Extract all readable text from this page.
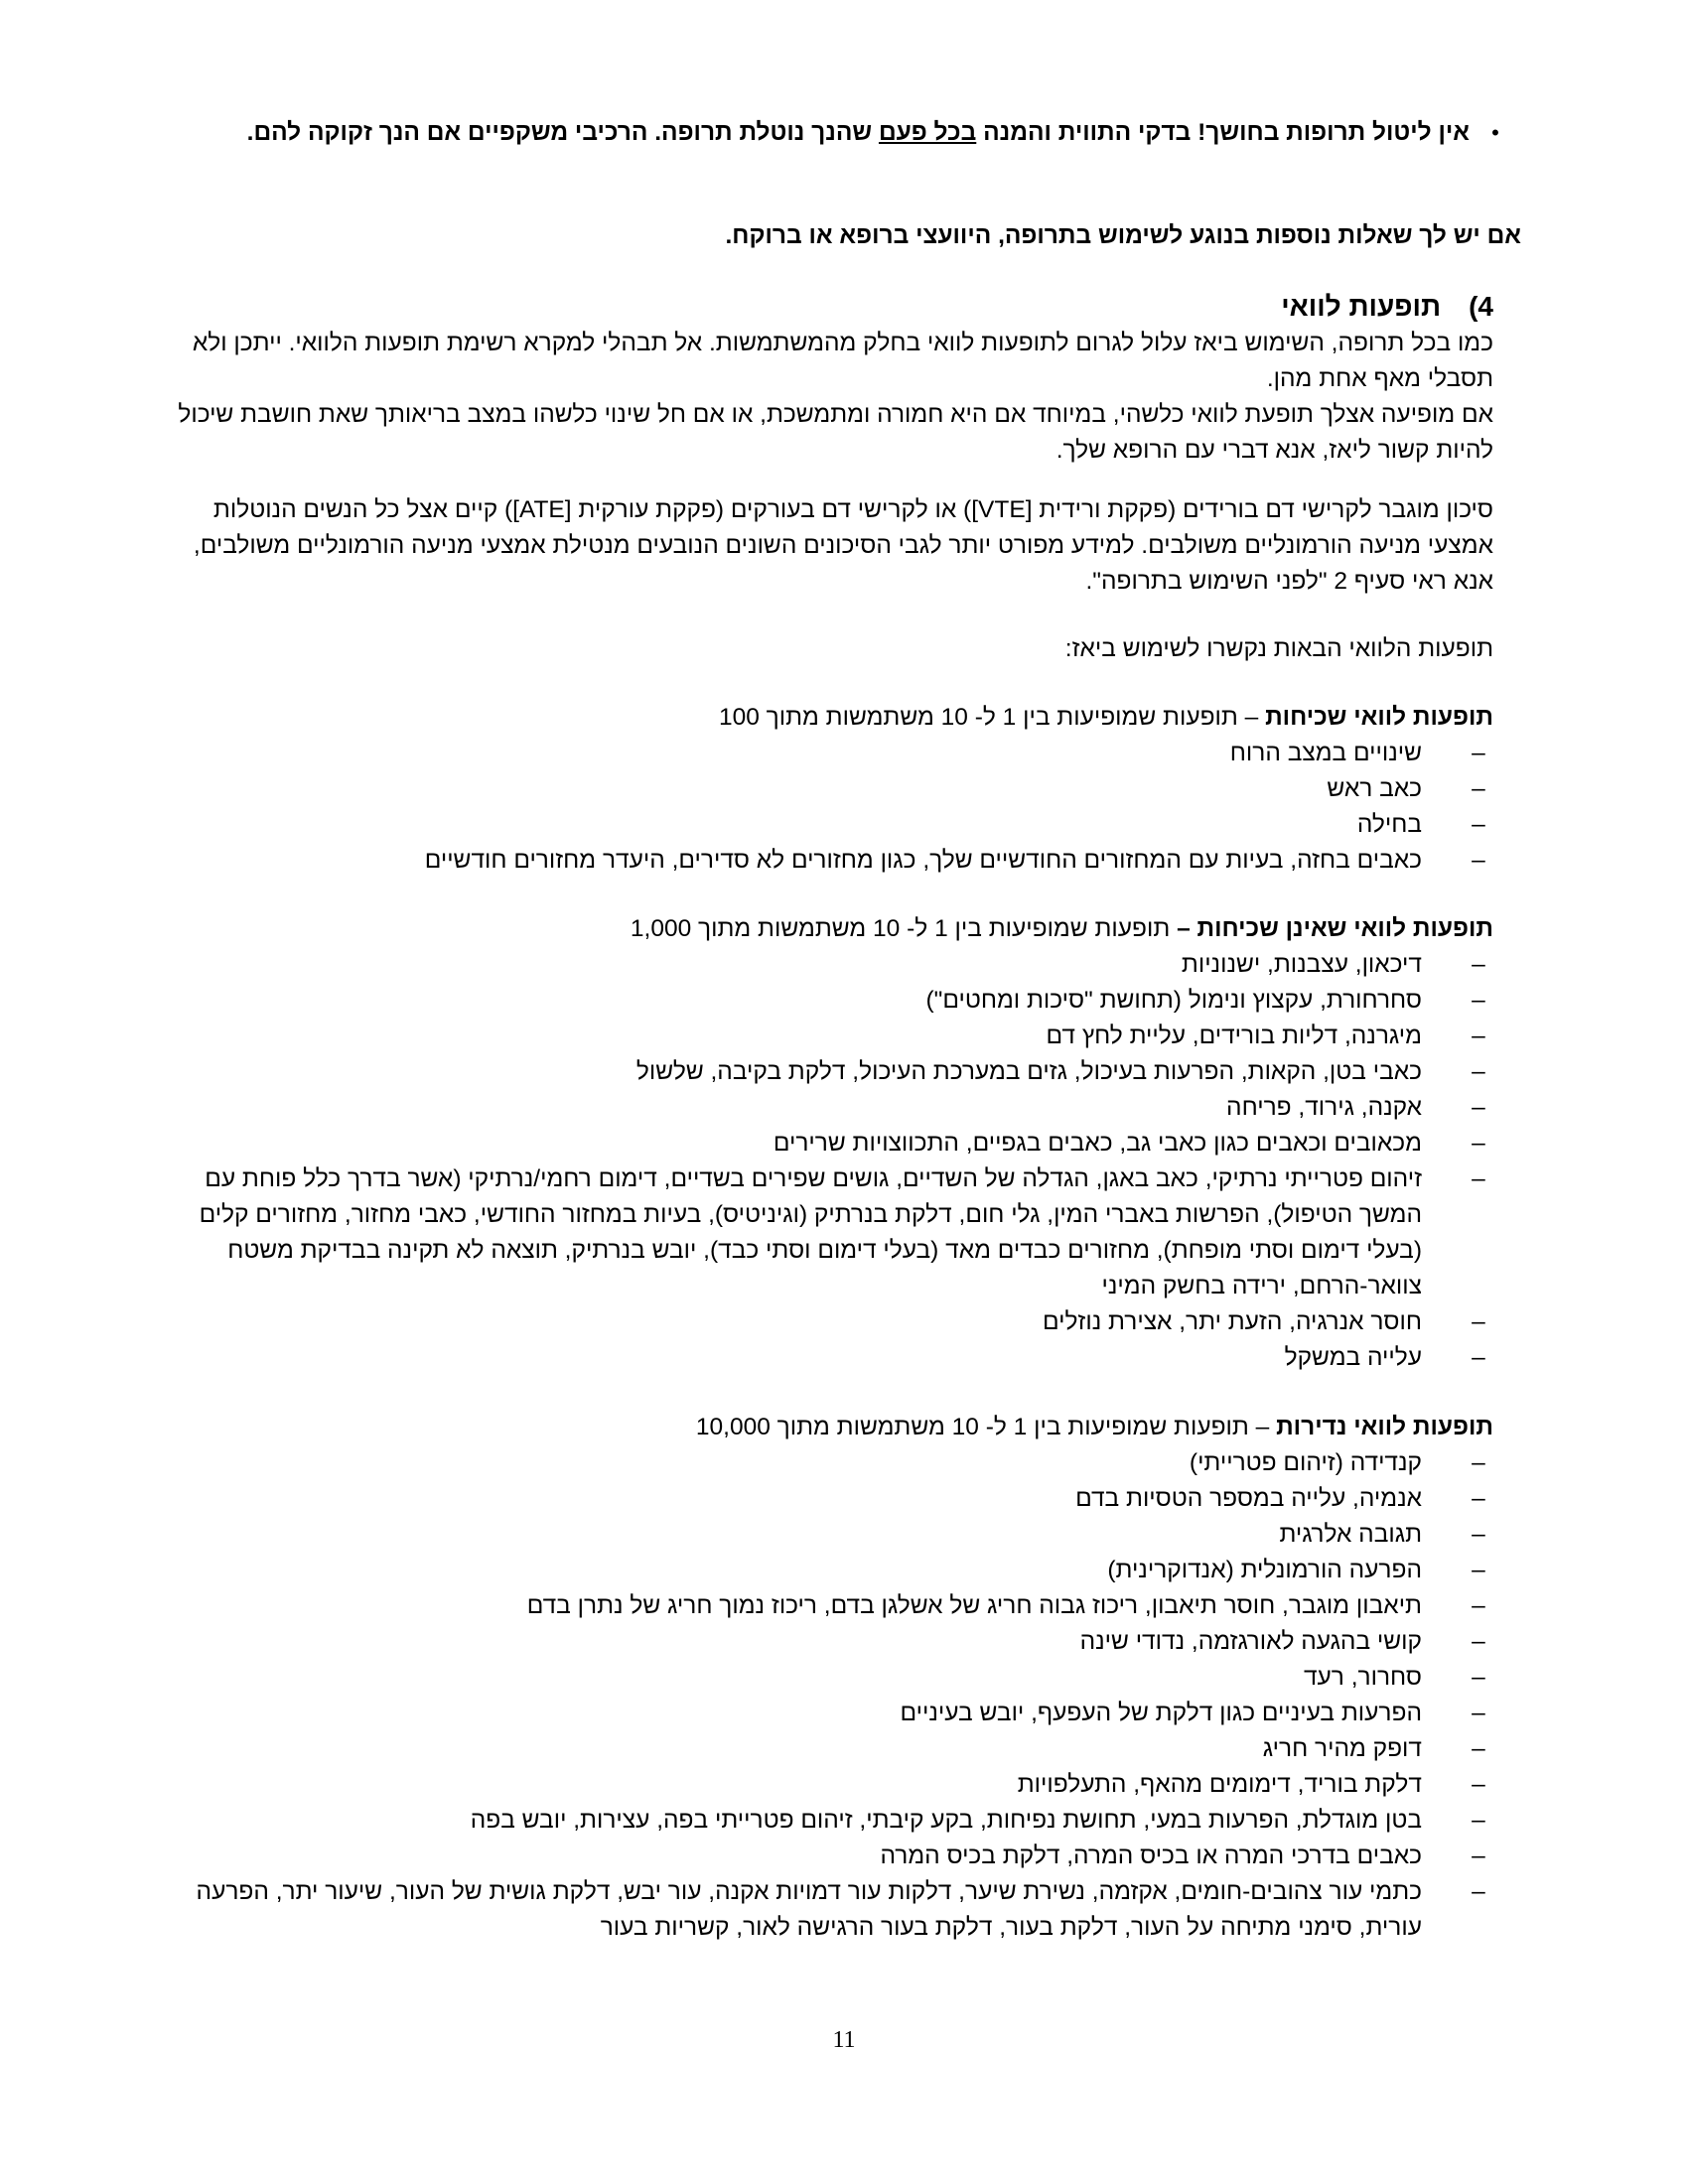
•
אין ליטול תרופות בחושך! בדקי התווית והמנה בכל פעם שהנך נוטלת תרופה. הרכיבי משקפיים אם הנך זקוקה להם.

אם יש לך שאלות נוספות בנוגע לשימוש בתרופה, היוועצי ברופא או ברוקח.

4)תופעות לוואי

כמו בכל תרופה, השימוש ביאז עלול לגרום לתופעות לוואי בחלק מהמשתמשות. אל תבהלי למקרא רשימת תופעות הלוואי. ייתכן ולא תסבלי מאף אחת מהן.

אם מופיעה אצלך תופעת לוואי כלשהי, במיוחד אם היא חמורה ומתמשכת, או אם חל שינוי כלשהו במצב בריאותך שאת חושבת שיכול להיות קשור ליאז, אנא דברי עם הרופא שלך.

סיכון מוגבר לקרישי דם בורידים (פקקת ורידית [VTE]) או לקרישי דם בעורקים (פקקת עורקית [ATE]) קיים אצל כל הנשים הנוטלות אמצעי מניעה הורמונליים משולבים. למידע מפורט יותר לגבי הסיכונים השונים הנובעים מנטילת אמצעי מניעה הורמונליים משולבים, אנא ראי סעיף 2 "לפני השימוש בתרופה".

תופעות הלוואי הבאות נקשרו לשימוש ביאז:

תופעות לוואי שכיחות – תופעות שמופיעות בין 1 ל- 10 משתמשות מתוך 100

–
שינויים במצב הרוח
–
כאב ראש
–
בחילה
–
כאבים בחזה, בעיות עם המחזורים החודשיים שלך, כגון מחזורים לא סדירים, היעדר מחזורים חודשיים

תופעות לוואי שאינן שכיחות – תופעות שמופיעות בין 1 ל- 10 משתמשות מתוך 1,000

–
דיכאון, עצבנות, ישנוניות
–
סחרחורת, עקצוץ ונימול (תחושת "סיכות ומחטים")
–
מיגרנה, דליות בורידים, עליית לחץ דם
–
כאבי בטן, הקאות, הפרעות בעיכול, גזים במערכת העיכול, דלקת בקיבה, שלשול
–
אקנה, גירוד, פריחה
–
מכאובים וכאבים כגון כאבי גב, כאבים בגפיים, התכווצויות שרירים
–
זיהום פטרייתי נרתיקי, כאב באגן, הגדלה של השדיים, גושים שפירים בשדיים, דימום רחמי/נרתיקי (אשר בדרך כלל פוחת עם המשך הטיפול), הפרשות באברי המין, גלי חום, דלקת בנרתיק (וגיניטיס), בעיות במחזור החודשי, כאבי מחזור, מחזורים קלים (בעלי דימום וסתי מופחת), מחזורים כבדים מאד (בעלי דימום וסתי כבד), יובש בנרתיק, תוצאה לא תקינה בבדיקת משטח צוואר-הרחם, ירידה בחשק המיני
–
חוסר אנרגיה, הזעת יתר, אצירת נוזלים
–
עלייה במשקל

תופעות לוואי נדירות – תופעות שמופיעות בין 1 ל- 10 משתמשות מתוך 10,000

–
קנדידה (זיהום פטרייתי)
–
אנמיה, עלייה במספר הטסיות בדם
–
תגובה אלרגית
–
הפרעה הורמונלית (אנדוקרינית)
–
תיאבון מוגבר, חוסר תיאבון, ריכוז גבוה חריג של אשלגן בדם, ריכוז נמוך חריג של נתרן בדם
–
קושי בהגעה לאורגזמה, נדודי שינה
–
סחרור, רעד
–
הפרעות בעיניים כגון דלקת של העפעף, יובש בעיניים
–
דופק מהיר חריג
–
דלקת בוריד, דימומים מהאף, התעלפויות
–
בטן מוגדלת, הפרעות במעי, תחושת נפיחות, בקע קיבתי, זיהום פטרייתי בפה, עצירות, יובש בפה
–
כאבים בדרכי המרה או בכיס המרה, דלקת בכיס המרה
–
כתמי עור צהובים-חומים, אקזמה, נשירת שיער, דלקות עור דמויות אקנה, עור יבש, דלקת גושית של העור, שיעור יתר, הפרעה עורית, סימני מתיחה על העור, דלקת בעור, דלקת בעור הרגישה לאור, קשריות בעור
11
